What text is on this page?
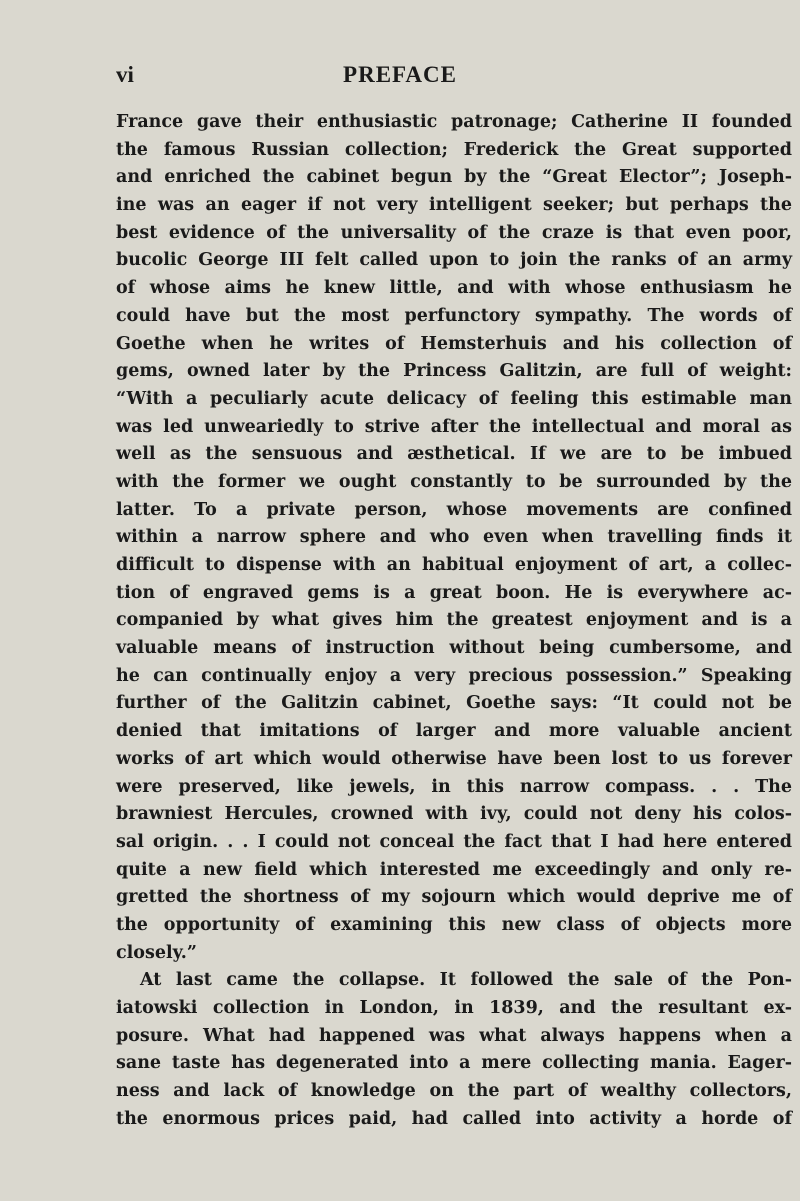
vi	PREFACE
France gave their enthusiastic patronage; Catherine II founded
the famous Russian collection; Frederick the Great supported
and enriched the cabinet begun by the “Great Elector”; Joseph-
ine was an eager if not very intelligent seeker; but perhaps the
best evidence of the universality of the craze is that even poor,
bucolic George III felt called upon to join the ranks of an army
of whose aims he knew little, and with whose enthusiasm he
could have but the most perfunctory sympathy. The words of
Goethe when he writes of Hemsterhuis and his collection of
gems, owned later by the Princess Galitzin, are full of weight:
“With a peculiarly acute delicacy of feeling this estimable man
was led unweariedly to strive after the intellectual and moral as
well as the sensuous and æsthetical. If we are to be imbued
with the former we ought constantly to be surrounded by the
latter. To a private person, whose movements are confined
within a narrow sphere and who even when travelling finds it
difficult to dispense with an habitual enjoyment of art, a collec-
tion of engraved gems is a great boon. He is everywhere ac-
companied by what gives him the greatest enjoyment and is a
valuable means of instruction without being cumbersome, and
he can continually enjoy a very precious possession.” Speaking
further of the Galitzin cabinet, Goethe says: “It could not be
denied that imitations of larger and more valuable ancient
works of art which would otherwise have been lost to us forever
were preserved, like jewels, in this narrow compass. . . The
brawniest Hercules, crowned with ivy, could not deny his colos-
sal origin. . . I could not conceal the fact that I had here entered
quite a new field which interested me exceedingly and only re-
gretted the shortness of my sojourn which would deprive me of
the opportunity of examining this new class of objects more
closely.”
At last came the collapse. It followed the sale of the Pon-
iatowski collection in London, in 1839, and the resultant ex-
posure. What had happened was what always happens when a
sane taste has degenerated into a mere collecting mania. Eager-
ness and lack of knowledge on the part of wealthy collectors,
the enormous prices paid, had called into activity a horde of
